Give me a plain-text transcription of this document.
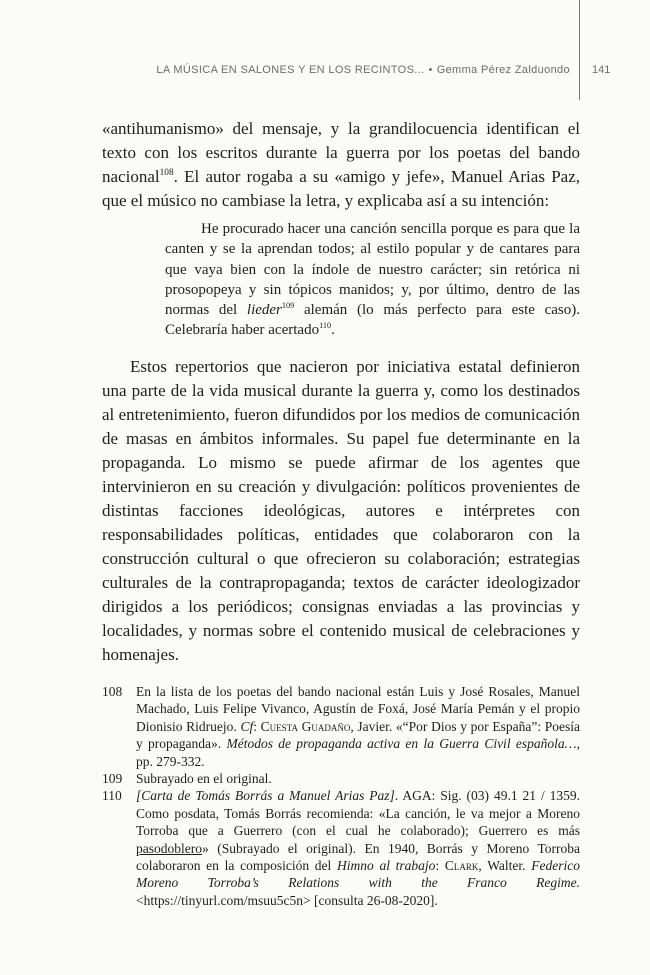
LA MÚSICA EN SALONES Y EN LOS RECINTOS... • Gemma Pérez Zalduondo 141

«antihumanismo» del mensaje, y la grandilocuencia identifican el texto con los escritos durante la guerra por los poetas del bando nacional$^{108}$. El autor rogaba a su «amigo y jefe», Manuel Arias Paz, que el músico no cambiase la letra, y explicaba así a su intención:

He procurado hacer una canción sencilla porque es para que la canten y se la aprendan todos; al estilo popular y de cantares para que vaya bien con la índole de nuestro carácter; sin retórica ni prosopopeya y sin tópicos manidos; y, por último, dentro de las normas del lieder$^{109}$ alemán (lo más perfecto para este caso). Celebraría haber acertado$^{110}$.

Estos repertorios que nacieron por iniciativa estatal definieron una parte de la vida musical durante la guerra y, como los destinados al entretenimiento, fueron difundidos por los medios de comunicación de masas en ámbitos informales. Su papel fue determinante en la propaganda. Lo mismo se puede afirmar de los agentes que intervinieron en su creación y divulgación: políticos provenientes de distintas facciones ideológicas, autores e intérpretes con responsabilidades políticas, entidades que colaboraron con la construcción cultural o que ofrecieron su colaboración; estrategias culturales de la contrapropaganda; textos de carácter ideologizador dirigidos a los periódicos; consignas enviadas a las provincias y localidades, y normas sobre el contenido musical de celebraciones y homenajes.

108 En la lista de los poetas del bando nacional están Luis y José Rosales, Manuel Machado, Luis Felipe Vivanco, Agustín de Foxá, José María Pemán y el propio Dionisio Ridruejo. Cf: Cuesta Guadaño, Javier. «“Por Dios y por España”: Poesía y propaganda». Métodos de propaganda activa en la Guerra Civil española…, pp. 279-332.

109 Subrayado en el original.

110 [Carta de Tomás Borrás a Manuel Arias Paz]. AGA: Sig. (03) 49.1 21 / 1359. Como posdata, Tomás Borrás recomienda: «La canción, le va mejor a Moreno Torroba que a Guerrero (con el cual he colaborado); Guerrero es más pasodoblero» (Subrayado el original). En 1940, Borrás y Moreno Torroba colaboraron en la composición del Himno al trabajo: Clark, Walter. Federico Moreno Torroba’s Relations with the Franco Regime. <https://tinyurl.com/msuu5c5n> [consulta 26-08-2020].
